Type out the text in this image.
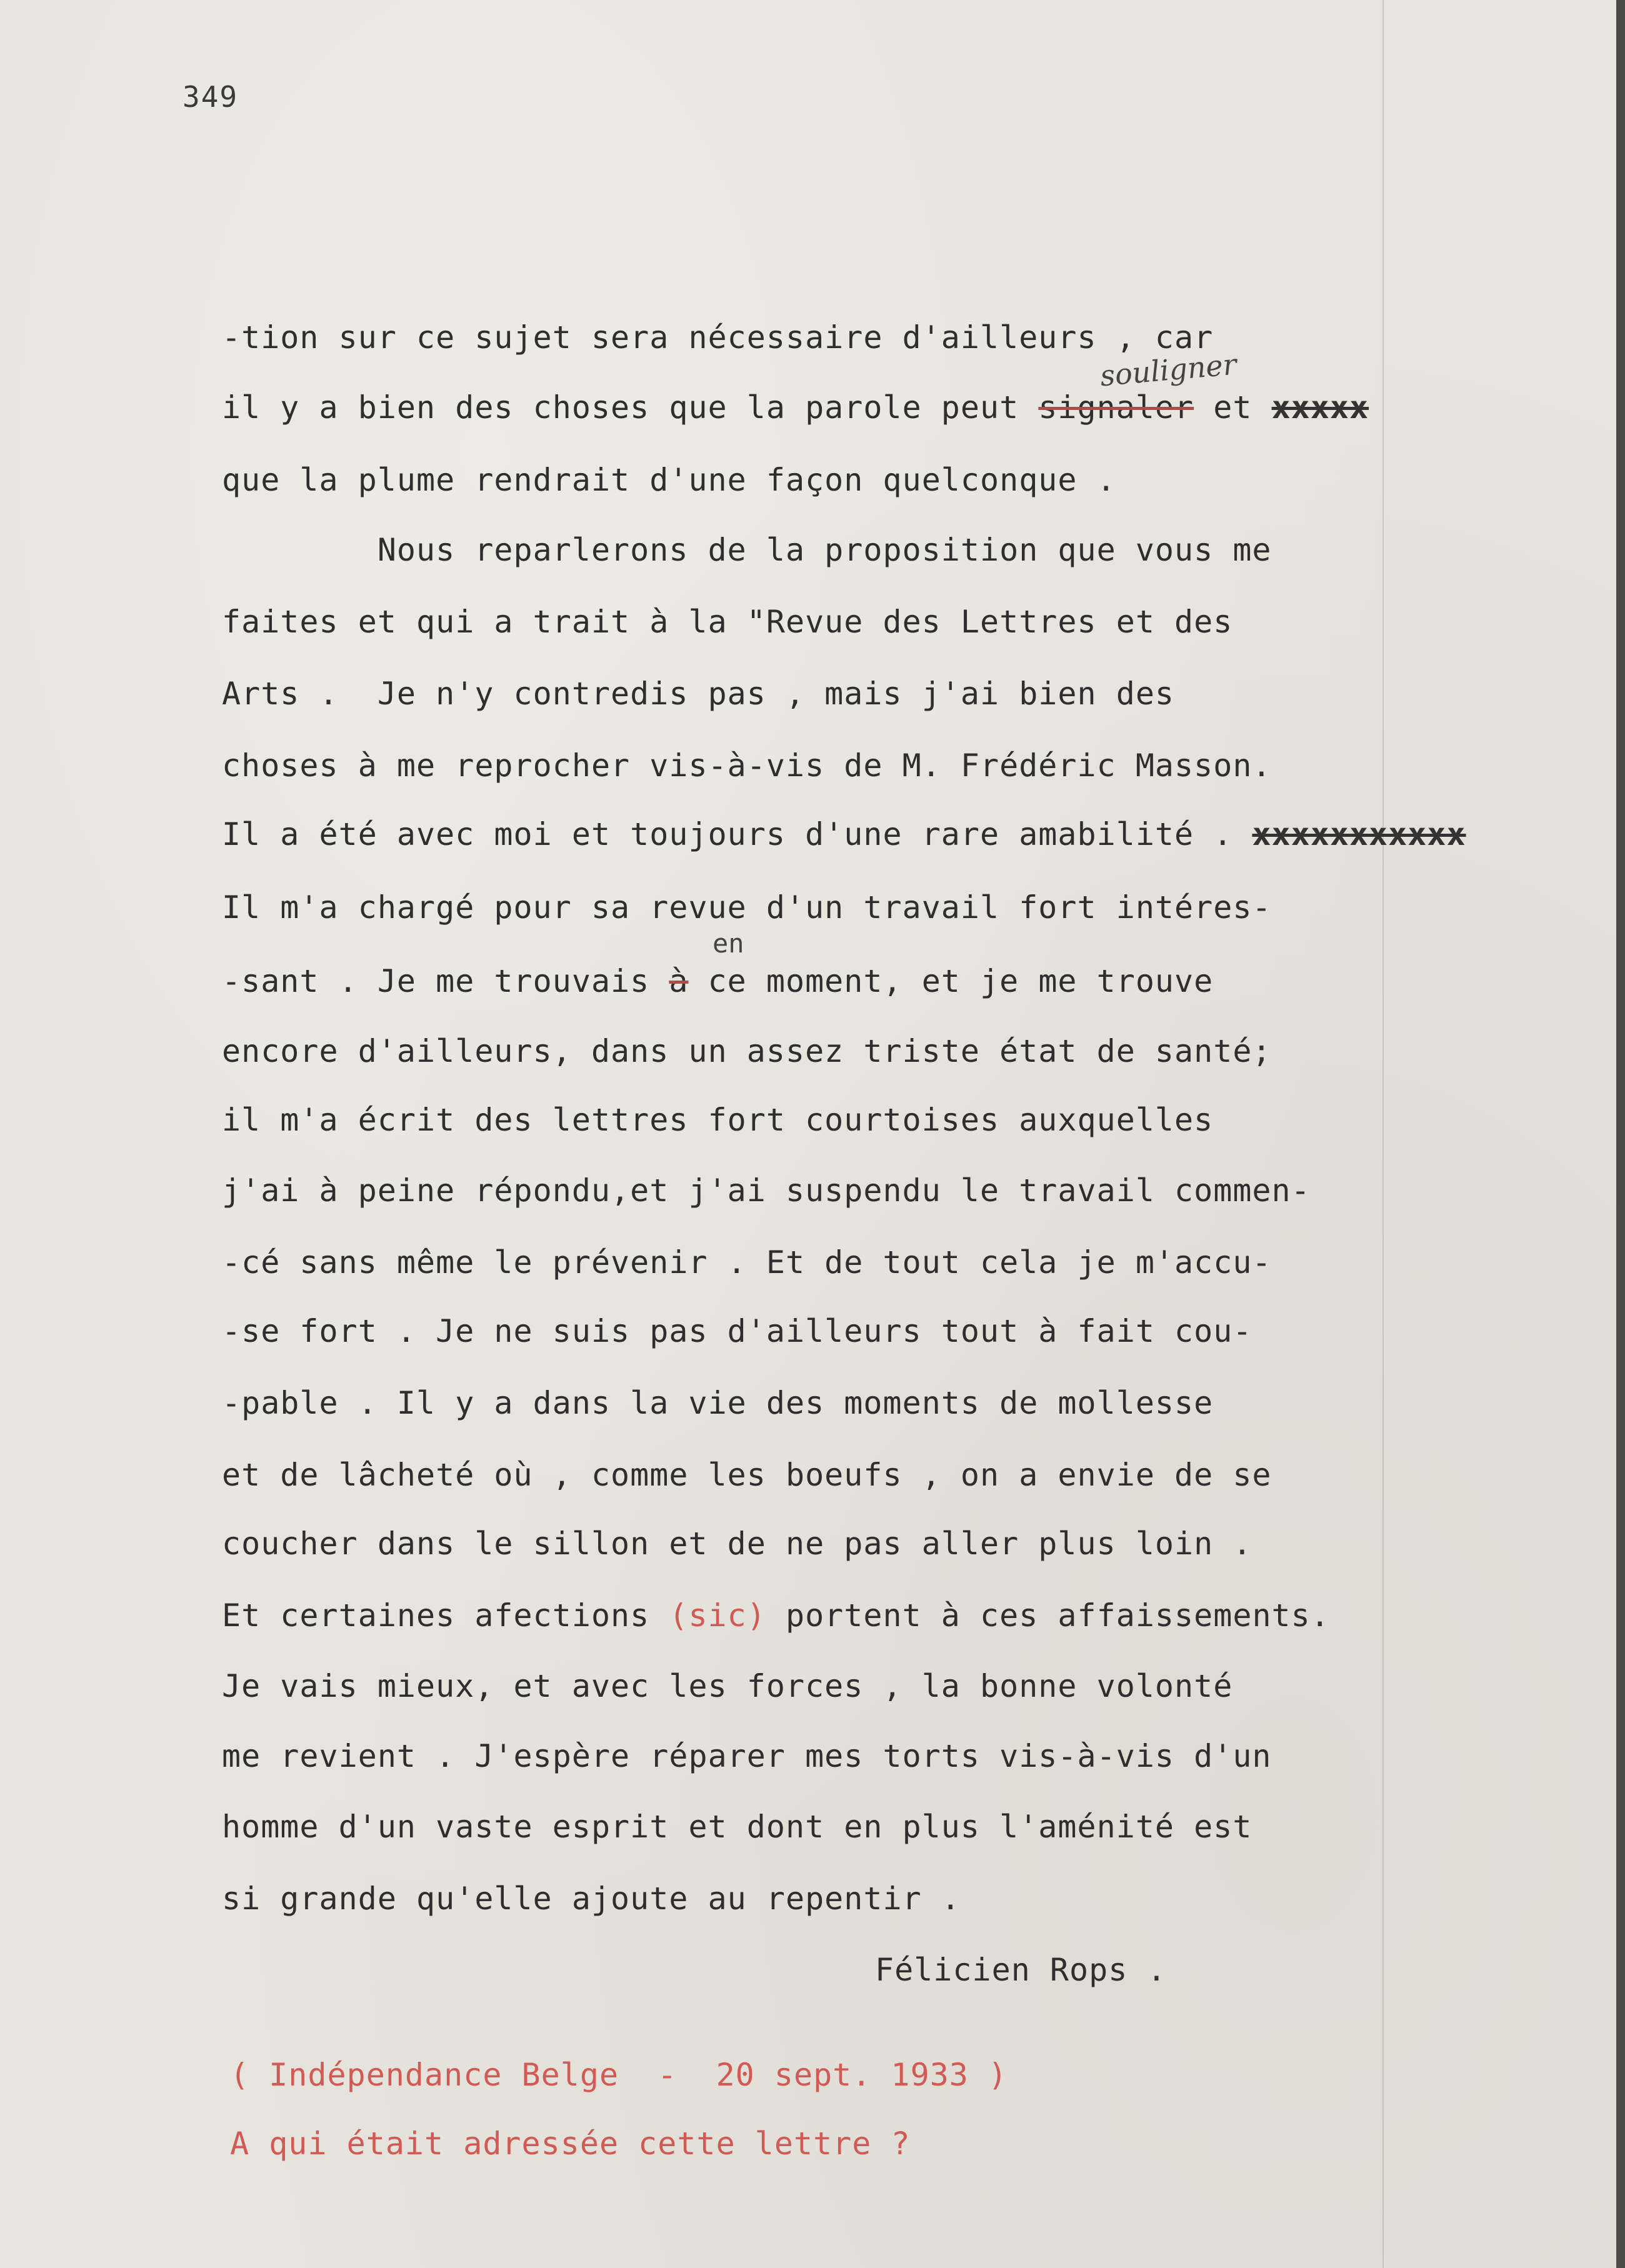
349
souligner
en
-tion sur ce sujet sera nécessaire d'ailleurs , car
il y a bien des choses que la parole peut signaler et xxxxx
que la plume rendrait d'une façon quelconque .
Nous reparlerons de la proposition que vous me
faites et qui a trait à la "Revue des Lettres et des
Arts .  Je n'y contredis pas , mais j'ai bien des
choses à me reprocher vis-à-vis de M. Frédéric Masson.
Il a été avec moi et toujours d'une rare amabilité . xxxxxxxxxxx
Il m'a chargé pour sa revue d'un travail fort intéres-
-sant . Je me trouvais à ce moment, et je me trouve
encore d'ailleurs, dans un assez triste état de santé;
il m'a écrit des lettres fort courtoises auxquelles
j'ai à peine répondu,et j'ai suspendu le travail commen-
-cé sans même le prévenir . Et de tout cela je m'accu-
-se fort . Je ne suis pas d'ailleurs tout à fait cou-
-pable . Il y a dans la vie des moments de mollesse
et de lâcheté où , comme les boeufs , on a envie de se
coucher dans le sillon et de ne pas aller plus loin .
Et certaines afections (sic) portent à ces affaissements.
Je vais mieux, et avec les forces , la bonne volonté
me revient . J'espère réparer mes torts vis-à-vis d'un
homme d'un vaste esprit et dont en plus l'aménité est
si grande qu'elle ajoute au repentir .
Félicien Rops .
( Indépendance Belge  -  20 sept. 1933 )
A qui était adressée cette lettre ?
